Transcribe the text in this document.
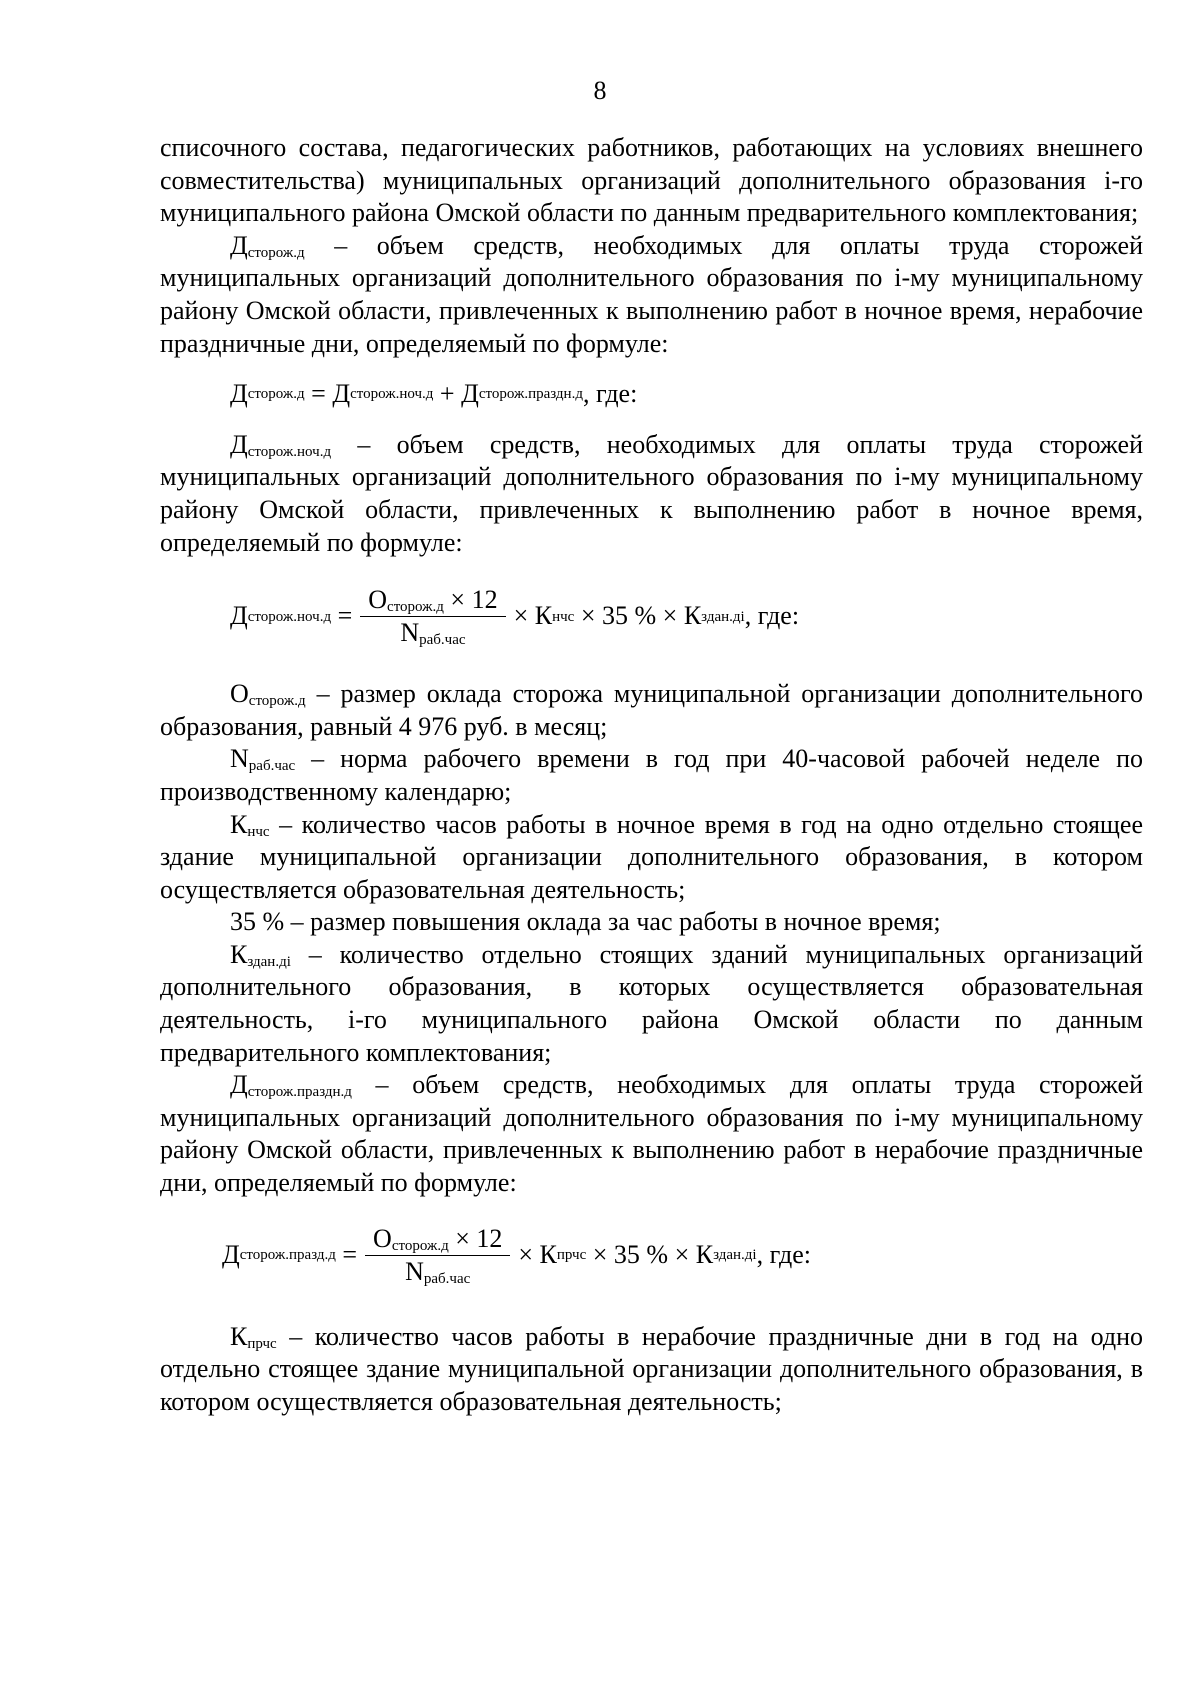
8

списочного состава, педагогических работников, работающих на условиях внешнего совместительства) муниципальных организаций дополнительного образования i-го муниципального района Омской области по данным предварительного комплектования;

$Д_{сторож.д}$ – объем средств, необходимых для оплаты труда сторожей муниципальных организаций дополнительного образования по i-му муниципальному району Омской области, привлеченных к выполнению работ в ночное время, нерабочие праздничные дни, определяемый по формуле:

Д сторож.д = Д сторож.ноч.д + Д сторож.праздн.д , где:

$Д_{сторож.ноч.д}$ – объем средств, необходимых для оплаты труда сторожей муниципальных организаций дополнительного образования по i-му муниципальному району Омской области, привлеченных к выполнению работ в ночное время, определяемый по формуле:

Д сторож.ноч.д = $\frac{О_{сторож.д} \times 12}{N_{раб.час}} \times К$ нчс × 35 % × К здан.дi , где:

$О_{сторож.д}$ – размер оклада сторожа муниципальной организации дополнительного образования, равный 4 976 руб. в месяц;

$N_{раб.час}$ – норма рабочего времени в год при 40-часовой рабочей неделе по производственному календарю;

$К_{нчс}$ – количество часов работы в ночное время в год на одно отдельно стоящее здание муниципальной организации дополнительного образования, в котором осуществляется образовательная деятельность;

35 % – размер повышения оклада за час работы в ночное время;

$К_{здан.дi}$ – количество отдельно стоящих зданий муниципальных организаций дополнительного образования, в которых осуществляется образовательная деятельность, i-го муниципального района Омской области по данным предварительного комплектования;

$Д_{сторож.праздн.д}$ – объем средств, необходимых для оплаты труда сторожей муниципальных организаций дополнительного образования по i-му муниципальному району Омской области, привлеченных к выполнению работ в нерабочие праздничные дни, определяемый по формуле:

Д сторож.празд.д = $\frac{О_{сторож.д} \times 12}{N_{раб.час}} \times К$ прчс × 35 % × К здан.дi , где:

$К_{прчс}$ – количество часов работы в нерабочие праздничные дни в год на одно отдельно стоящее здание муниципальной организации дополнительного образования, в котором осуществляется образовательная деятельность;
